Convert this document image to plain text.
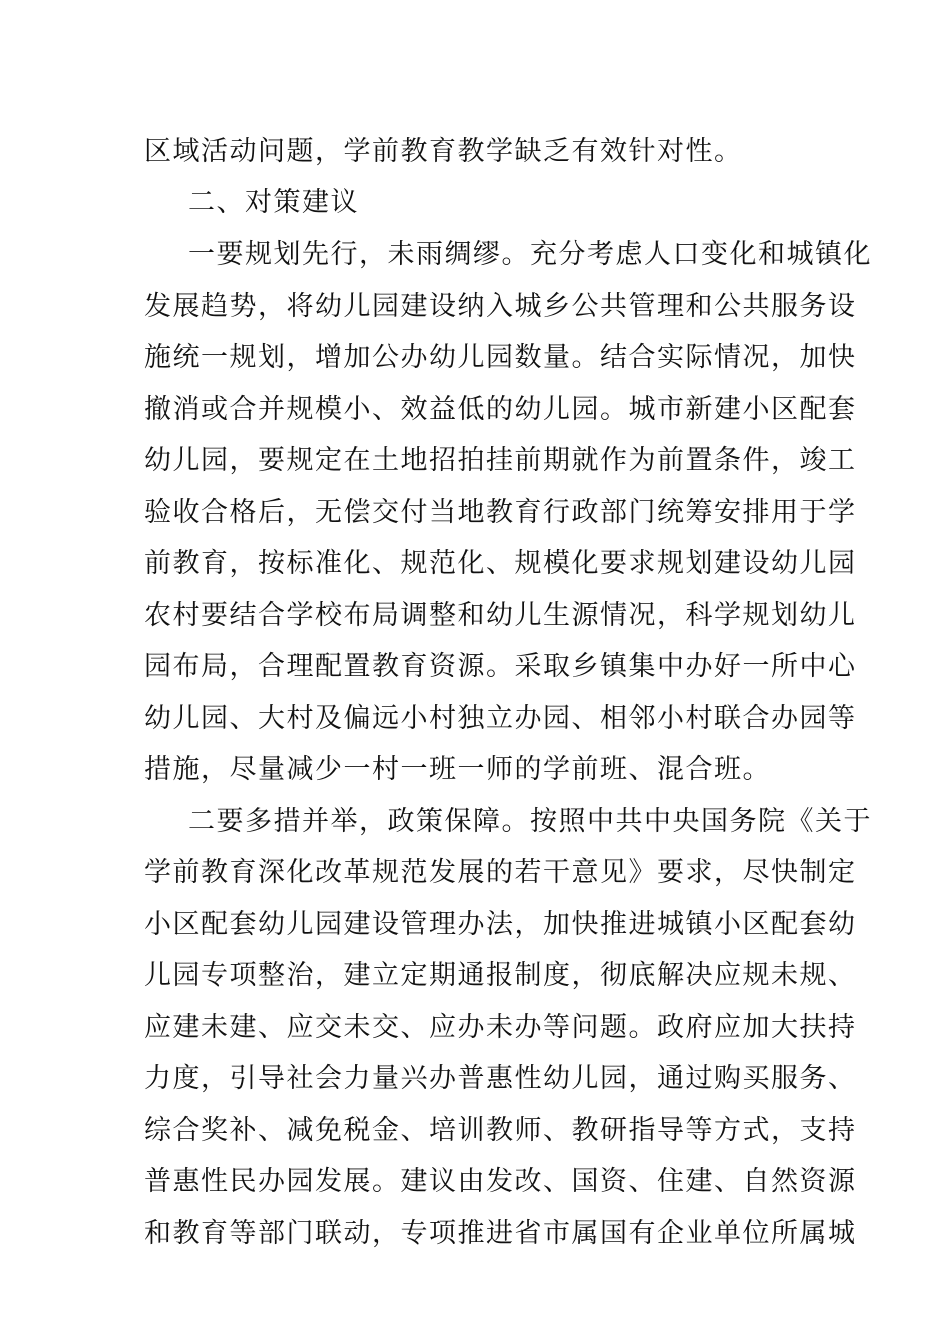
区域活动问题，学前教育教学缺乏有效针对性。
二、对策建议
一要规划先行，未雨绸缪。充分考虑人口变化和城镇化
发展趋势，将幼儿园建设纳入城乡公共管理和公共服务设
施统一规划，增加公办幼儿园数量。结合实际情况，加快
撤消或合并规模小、效益低的幼儿园。城市新建小区配套
幼儿园，要规定在土地招拍挂前期就作为前置条件，竣工
验收合格后，无偿交付当地教育行政部门统筹安排用于学
前教育，按标准化、规范化、规模化要求规划建设幼儿园
农村要结合学校布局调整和幼儿生源情况，科学规划幼儿
园布局，合理配置教育资源。采取乡镇集中办好一所中心
幼儿园、大村及偏远小村独立办园、相邻小村联合办园等
措施，尽量减少一村一班一师的学前班、混合班。
二要多措并举，政策保障。按照中共中央国务院《关于
学前教育深化改革规范发展的若干意见》要求，尽快制定
小区配套幼儿园建设管理办法，加快推进城镇小区配套幼
儿园专项整治，建立定期通报制度，彻底解决应规未规、
应建未建、应交未交、应办未办等问题。政府应加大扶持
力度，引导社会力量兴办普惠性幼儿园，通过购买服务、
综合奖补、减免税金、培训教师、教研指导等方式，支持
普惠性民办园发展。建议由发改、国资、住建、自然资源
和教育等部门联动，专项推进省市属国有企业单位所属城
